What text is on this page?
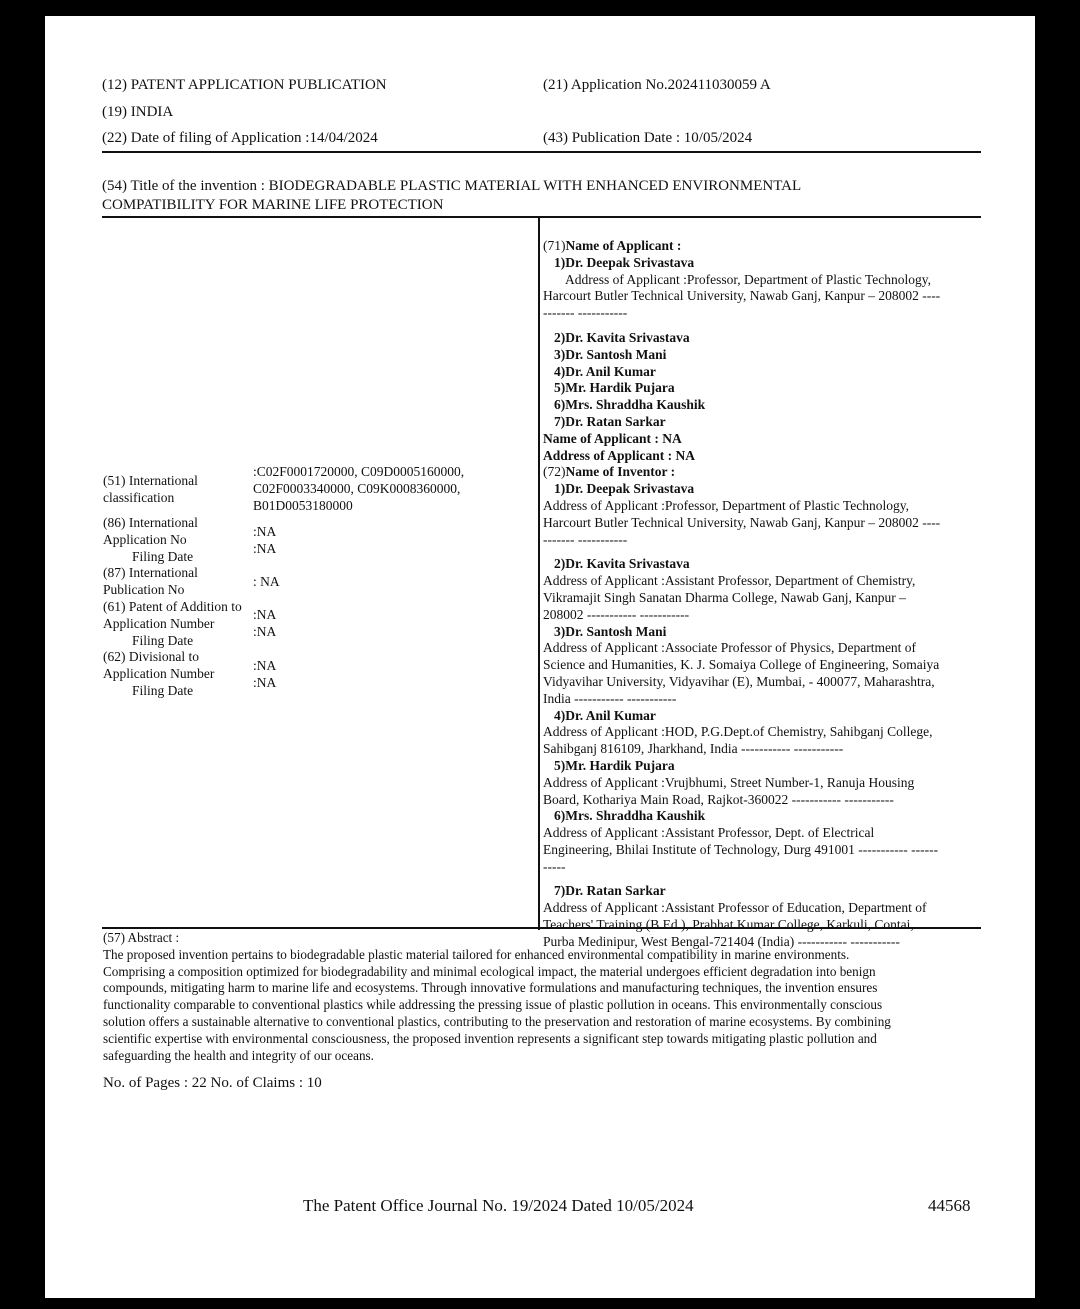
(12) PATENT APPLICATION PUBLICATION
(19) INDIA
(22) Date of filing of Application :14/04/2024
(21) Application No.202411030059 A
(43) Publication Date : 10/05/2024
(54) Title of the invention : BIODEGRADABLE PLASTIC MATERIAL WITH ENHANCED ENVIRONMENTAL
COMPATIBILITY FOR MARINE LIFE PROTECTION
(51) International
classification
:C02F0001720000, C09D0005160000,
C02F0003340000, C09K0008360000,
B01D0053180000
(86) International
Application No
Filing Date
:NA
:NA
(87) International
Publication No
: NA
(61) Patent of Addition to
Application Number
Filing Date
:NA
:NA
(62) Divisional to
Application Number
Filing Date
:NA
:NA
(71)Name of Applicant :
1)Dr. Deepak Srivastava
Address of Applicant :Professor, Department of Plastic Technology,
Harcourt Butler Technical University, Nawab Ganj, Kanpur – 208002 ----
------- -----------
2)Dr. Kavita Srivastava
3)Dr. Santosh Mani
4)Dr. Anil Kumar
5)Mr. Hardik Pujara
6)Mrs. Shraddha Kaushik
7)Dr. Ratan Sarkar
Name of Applicant : NA
Address of Applicant : NA
(72)Name of Inventor :
1)Dr. Deepak Srivastava
Address of Applicant :Professor, Department of Plastic Technology,
Harcourt Butler Technical University, Nawab Ganj, Kanpur – 208002 ----
------- -----------
2)Dr. Kavita Srivastava
Address of Applicant :Assistant Professor, Department of Chemistry,
Vikramajit Singh Sanatan Dharma College, Nawab Ganj, Kanpur –
208002 ----------- -----------
3)Dr. Santosh Mani
Address of Applicant :Associate Professor of Physics, Department of
Science and Humanities, K. J. Somaiya College of Engineering, Somaiya
Vidyavihar University, Vidyavihar (E), Mumbai, - 400077, Maharashtra,
India ----------- -----------
4)Dr. Anil Kumar
Address of Applicant :HOD, P.G.Dept.of Chemistry, Sahibganj College,
Sahibganj 816109, Jharkhand, India ----------- -----------
5)Mr. Hardik Pujara
Address of Applicant :Vrujbhumi, Street Number-1, Ranuja Housing
Board, Kothariya Main Road, Rajkot-360022 ----------- -----------
6)Mrs. Shraddha Kaushik
Address of Applicant :Assistant Professor, Dept. of Electrical
Engineering, Bhilai Institute of Technology, Durg 491001 ----------- ------
-----
7)Dr. Ratan Sarkar
Address of Applicant :Assistant Professor of Education, Department of
Teachers' Training (B.Ed.), Prabhat Kumar College, Karkuli, Contai,
Purba Medinipur, West Bengal-721404 (India) ----------- -----------
(57) Abstract :
The proposed invention pertains to biodegradable plastic material tailored for enhanced environmental compatibility in marine environments.
Comprising a composition optimized for biodegradability and minimal ecological impact, the material undergoes efficient degradation into benign
compounds, mitigating harm to marine life and ecosystems. Through innovative formulations and manufacturing techniques, the invention ensures
functionality comparable to conventional plastics while addressing the pressing issue of plastic pollution in oceans. This environmentally conscious
solution offers a sustainable alternative to conventional plastics, contributing to the preservation and restoration of marine ecosystems. By combining
scientific expertise with environmental consciousness, the proposed invention represents a significant step towards mitigating plastic pollution and
safeguarding the health and integrity of our oceans.
No. of Pages : 22 No. of Claims : 10
The Patent Office Journal No. 19/2024 Dated 10/05/2024	44568
